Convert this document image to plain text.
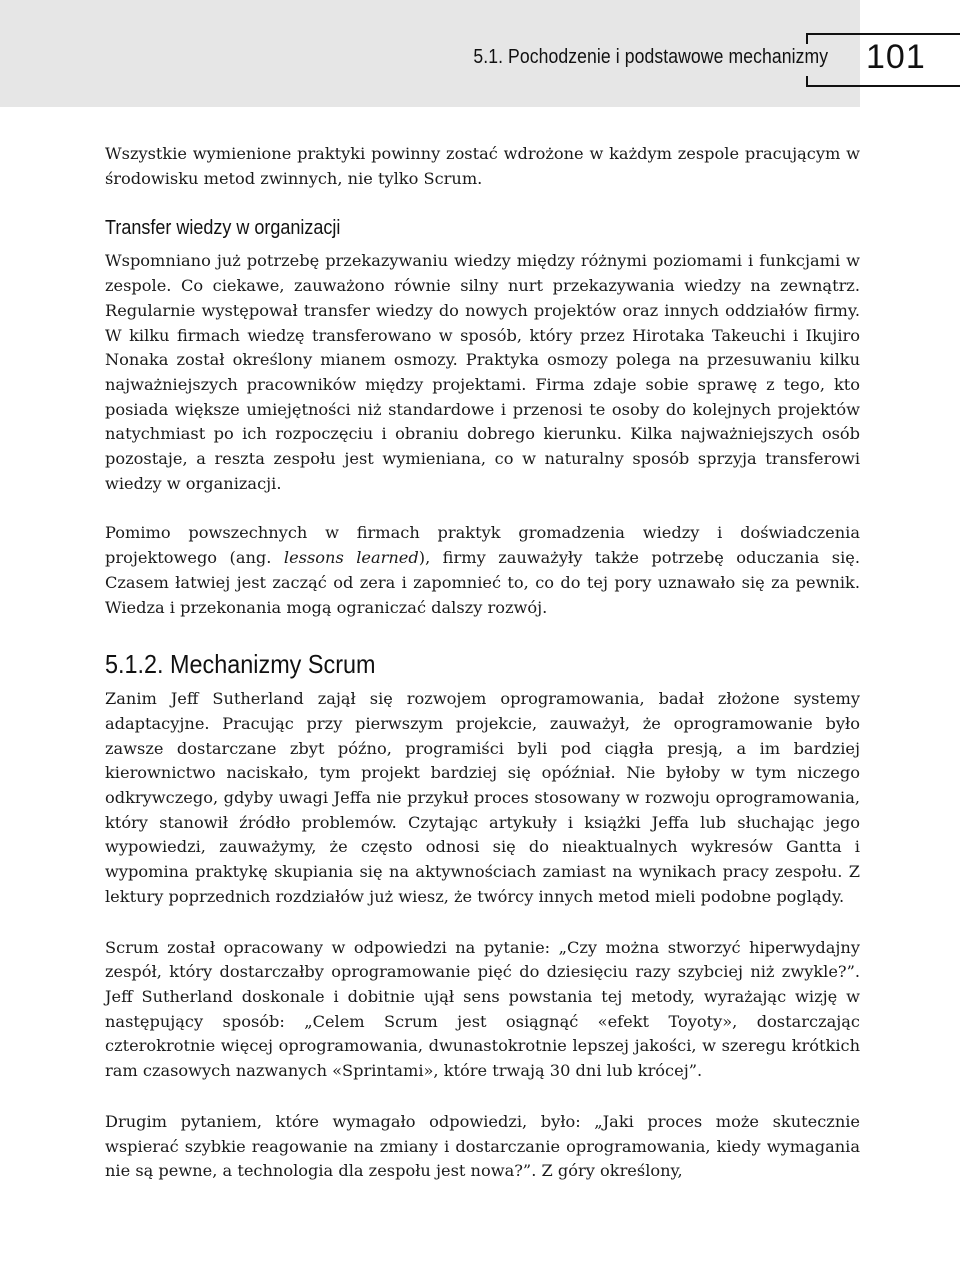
5.1. Pochodzenie i podstawowe mechanizmy 101

Wszystkie wymienione praktyki powinny zostać wdrożone w każdym zespole pracującym w środowisku metod zwinnych, nie tylko Scrum.

Transfer wiedzy w organizacji

Wspomniano już potrzebę przekazywaniu wiedzy między różnymi poziomami i funkcjami w zespole. Co ciekawe, zauważono równie silny nurt przekazywania wiedzy na zewnątrz. Regularnie występował transfer wiedzy do nowych projektów oraz innych oddziałów firmy. W kilku firmach wiedzę transferowano w sposób, który przez Hirotaka Takeuchi i Ikujiro Nonaka został określony mianem osmozy. Praktyka osmozy polega na przesuwaniu kilku najważniejszych pracowników między projektami. Firma zdaje sobie sprawę z tego, kto posiada większe umiejętności niż standardowe i przenosi te osoby do kolejnych projektów natychmiast po ich rozpoczęciu i obraniu dobrego kierunku. Kilka najważniejszych osób pozostaje, a reszta zespołu jest wymieniana, co w naturalny sposób sprzyja transferowi wiedzy w organizacji.

Pomimo powszechnych w firmach praktyk gromadzenia wiedzy i doświadczenia projektowego (ang. lessons learned), firmy zauważyły także potrzebę oduczania się. Czasem łatwiej jest zacząć od zera i zapomnieć to, co do tej pory uznawało się za pewnik. Wiedza i przekonania mogą ograniczać dalszy rozwój.

5.1.2. Mechanizmy Scrum

Zanim Jeff Sutherland zajął się rozwojem oprogramowania, badał złożone systemy adaptacyjne. Pracując przy pierwszym projekcie, zauważył, że oprogramowanie było zawsze dostarczane zbyt późno, programiści byli pod ciągła presją, a im bardziej kierownictwo naciskało, tym projekt bardziej się opóźniał. Nie byłoby w tym niczego odkrywczego, gdyby uwagi Jeffa nie przykuł proces stosowany w rozwoju oprogramowania, który stanowił źródło problemów. Czytając artykuły i książki Jeffa lub słuchając jego wypowiedzi, zauważymy, że często odnosi się do nieaktualnych wykresów Gantta i wypomina praktykę skupiania się na aktywnościach zamiast na wynikach pracy zespołu. Z lektury poprzednich rozdziałów już wiesz, że twórcy innych metod mieli podobne poglądy.

Scrum został opracowany w odpowiedzi na pytanie: „Czy można stworzyć hiperwydajny zespół, który dostarczałby oprogramowanie pięć do dziesięciu razy szybciej niż zwykle?”. Jeff Sutherland doskonale i dobitnie ujął sens powstania tej metody, wyrażając wizję w następujący sposób: „Celem Scrum jest osiągnąć «efekt Toyoty», dostarczając czterokrotnie więcej oprogramowania, dwunastokrotnie lepszej jakości, w szeregu krótkich ram czasowych nazwanych «Sprintami», które trwają 30 dni lub krócej”.

Drugim pytaniem, które wymagało odpowiedzi, było: „Jaki proces może skutecznie wspierać szybkie reagowanie na zmiany i dostarczanie oprogramowania, kiedy wymagania nie są pewne, a technologia dla zespołu jest nowa?”. Z góry określony,
